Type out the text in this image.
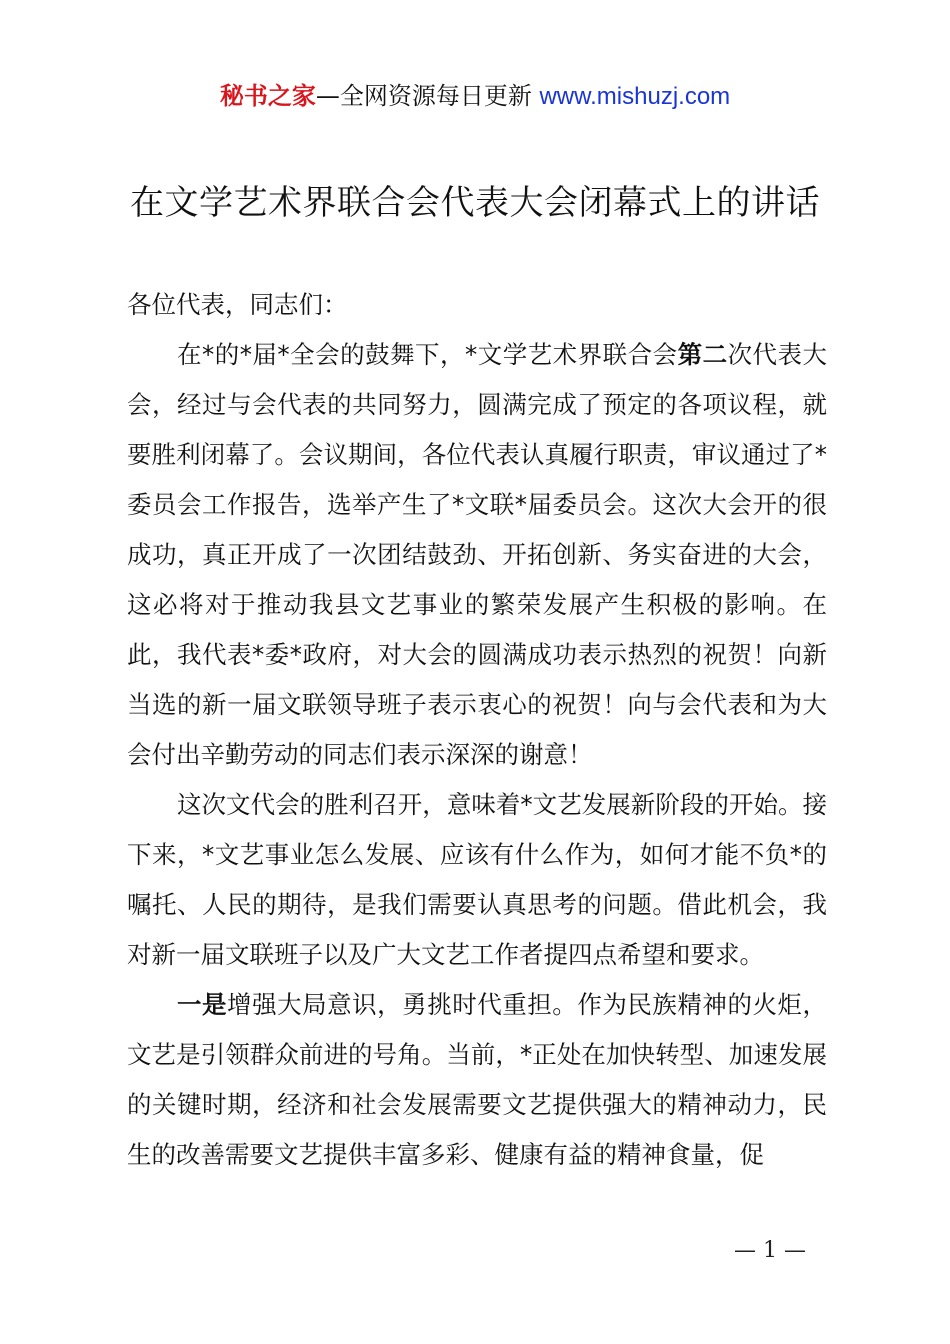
秘书之家—全网资源每日更新 www.mishuzj.com
在文学艺术界联合会代表大会闭幕式上的讲话

各位代表，同志们：

在*的*届*全会的鼓舞下，*文学艺术界联合会第二次代表大会，经过与会代表的共同努力，圆满完成了预定的各项议程，就要胜利闭幕了。会议期间，各位代表认真履行职责，审议通过了*委员会工作报告，选举产生了*文联*届委员会。这次大会开的很成功，真正开成了一次团结鼓劲、开拓创新、务实奋进的大会，这必将对于推动我县文艺事业的繁荣发展产生积极的影响。在此，我代表*委*政府，对大会的圆满成功表示热烈的祝贺！向新当选的新一届文联领导班子表示衷心的祝贺！向与会代表和为大会付出辛勤劳动的同志们表示深深的谢意！

这次文代会的胜利召开，意味着*文艺发展新阶段的开始。接下来，*文艺事业怎么发展、应该有什么作为，如何才能不负*的嘱托、人民的期待，是我们需要认真思考的问题。借此机会，我对新一届文联班子以及广大文艺工作者提四点希望和要求。

一是增强大局意识，勇挑时代重担。作为民族精神的火炬，文艺是引领群众前进的号角。当前，*正处在加快转型、加速发展的关键时期，经济和社会发展需要文艺提供强大的精神动力，民生的改善需要文艺提供丰富多彩、健康有益的精神食量，促

— 1 —
